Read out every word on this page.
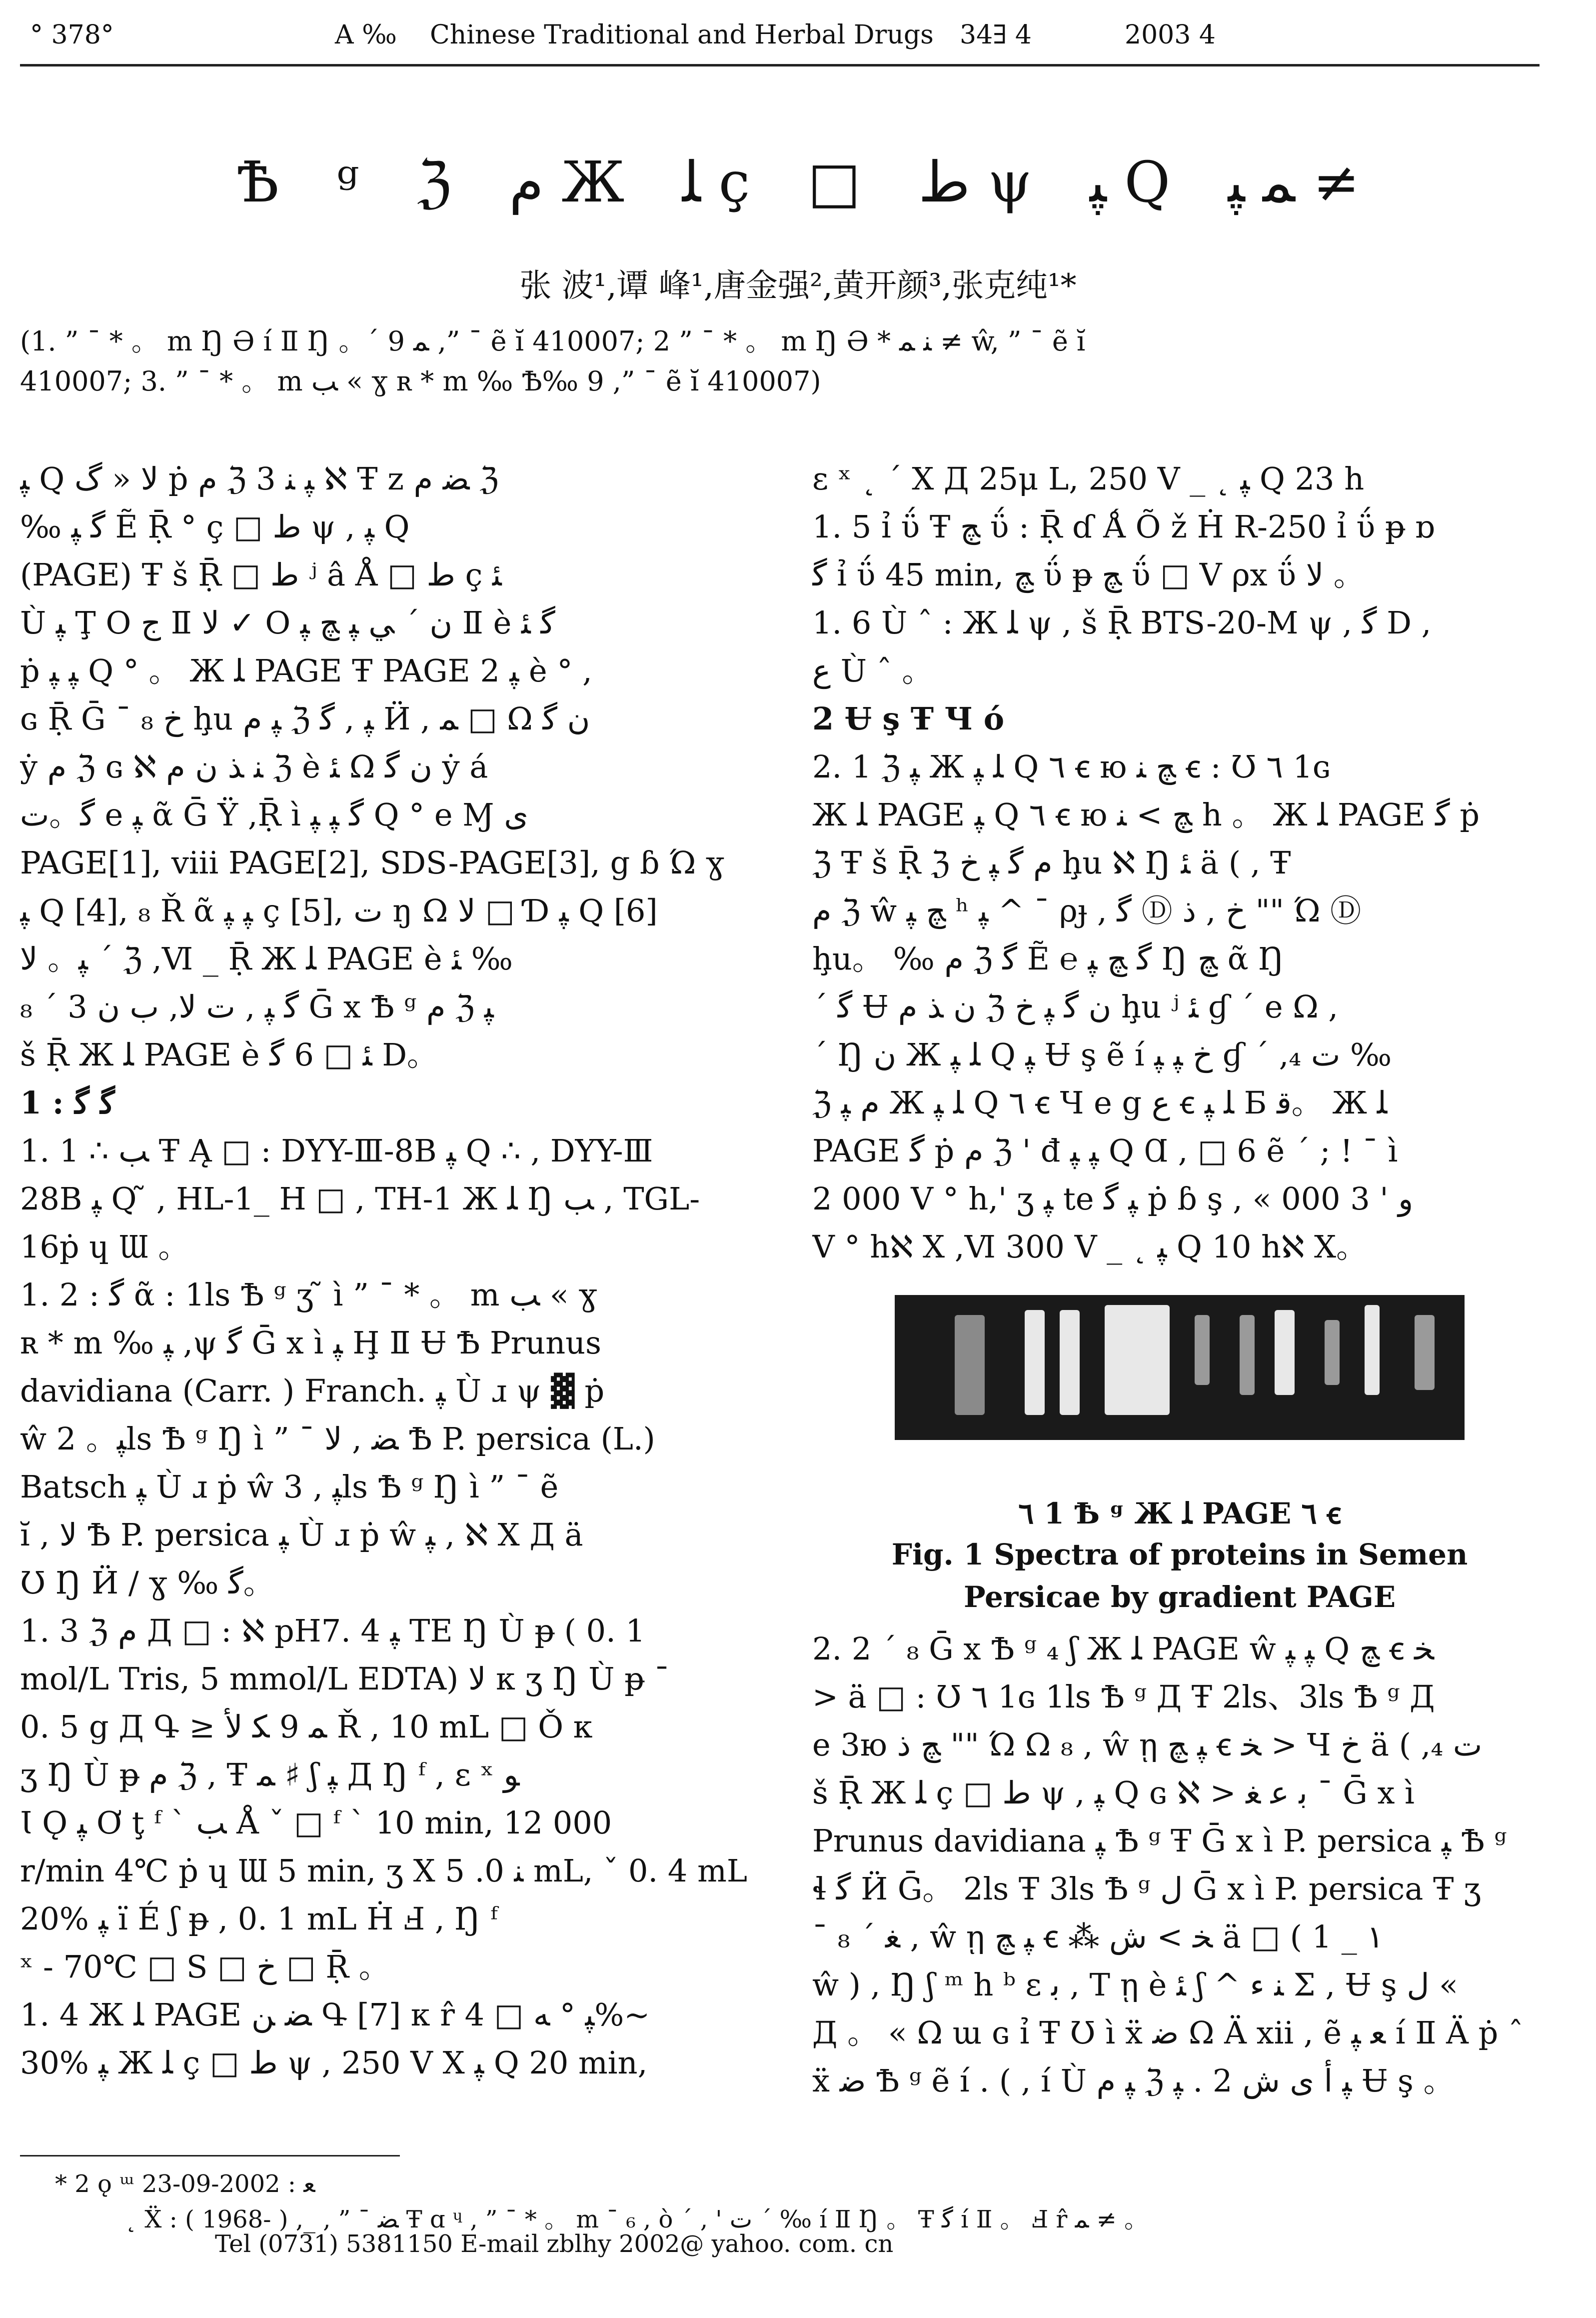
° 378°	A ‰ Chinese Traditional and Herbal Drugs 34∃ 4	2003 4
Ѣ ᵍ ℨ ﻡ Ж ﻠ ç □ ﻁ ψ ﭙ Q ﻤ ﭙ ≠
张 波¹,谭 峰¹,唐金强²,黄开颜³,张克纯¹*
(1. ” ¯ * 。 m Ŋ Ə í Ⅱ Ŋ 。´ ﻤ 9 ,” ¯ ẽ ĭ 410007; 2 ” ¯ * 。 m Ŋ Ə * ﻨ ﻤ ≠ ŵ, ” ¯ ẽ ĭ
410007; 3. ” ¯ * 。 m ﺐ « ɣ ʀ * m ‰ Ѣ‰ 9 ,” ¯ ẽ ĭ 410007)

ﭙ Q ﻻ « ﮒ ṗ ﻡ ℨ ﭙ ﻨ 3 ℵ Ŧ z ﻀ ﻡ ℨ

‰ ﮔ ﭙ Ẽ Ṝ ° ç □ ﻁ ψ , ﭙ Q

(PAGE) Ŧ š Ṝ □ ﻁ ʲ â Å □ ﻁ ç ﺌ

Ù ﭙ Ţ O ﺝ Ⅱ ﻻ ✓ O ﻥ ´ ﻲ ﭙ ﭻ ﭙ Ⅱ è ﮔ ﺌ

ṗ ﭙ ﭙ Q ° 。 Ж ﻠ PAGE Ŧ PAGE ﭙ 2 è ° ,

ɢ Ṝ Ḡ ¯ ₈ ﺥ ḩu ﭙ ﻡ ℨ ﭙ , ﮔ Ӥ , ﻤ □ Ω ﻥ ﮔ

ẏ ﻡ ℨ ɢ ℵ ﻨ ﺬ ﻥ ﻡ ℨ è ﺌ Ω ﻥ ﮔ ẏ á

ﮔ。ﺕ e ﭙ ᾶ Ḡ Ÿ ,Ṝ ì ﮔ ﭙ ﭙ Q ° e Ɱ ى

PAGE[1], viii PAGE[2], SDS-PAGE[3], g ɓ Ώ ɣ

ﭙ Q [4], ₈ Ř ᾶ ﭙ ﭙ ç [5], ﺕ ŋ Ω ﻻ □ Ɗ ﭙ Q [6]

ﭙ。 ﻻ ˊ ℨ ,Ⅵ _ Ṝ Ж ﻠ PAGE è ﺌ ‰

ﮔ ﭙ , ﺕ ﻻ, ﺏ ﻥ 3 ´ ₈ Ḡ x Ѣ ᵍ ﻡ ℨ ﭙ

š Ṝ Ж ﻠ PAGE è ﺌ □ 6 ﮔ D。

1 : ﮔ ﮔ

1. 1 ∴ ﺐ Ŧ Ą □ : DYY-Ⅲ-8B ﭙ Q ∴ , DYY-Ⅲ

28B ﭙ Q ̃ , HL-1_ H □ , TH-1 Ж ﻠ Ŋ ﺐ , TGL-

16ṗ ɥ Ɯ 。

1. 2 : ﮔ ᾶ : 1ls Ѣ ᵍ ʒ ̃ ì ” ¯ * 。 m ﺐ « ɣ

ʀ * m ‰ ﭙ ,ψ ﮔ Ḡ x ì ﭙ Ḩ Ⅱ Ʉ Ѣ Prunus

davidiana (Carr. ) Franch. ﭙ Ù ɹ ψ ▓ ṗ

ŵ ﭙ。 2ls Ѣ ᵍ Ŋ ì ” ¯ ﻀ , ﻻ Ѣ P. persica (L.)

Batsch ﭙ Ù ɹ ṗ ŵ ﭙ , 3ls Ѣ ᵍ Ŋ ì ” ¯ ẽ

ĭ , ﻻ Ѣ P. persica ﭙ Ù ɹ ṗ ŵ ﭙ , ℵ X Д ä

Ʊ Ŋ Ӥ / ɣ ‰ ﮔ。

1. 3 ℨ ﻡ Д □ : ℵ pH7. 4 ﭙ TE Ŋ Ù ᵽ ( 0. 1

mol/L Tris, 5 mmol/L EDTA) ﻻ κ ʒ Ŋ Ù ᵽ ¯

0. 5 g Д Գ ≥ ﻤ 9 ﻜ ﻷ Ř , 10 mL □ Ǒ κ

ʒ Ŋ Ù ᵽ ﻡ ℨ , Ŧ ﻤ ♯ ʃ ﭙ Д Ŋ ᶠ , ɛ ˣ ﻮ

Ɩ Ǫ ﭙ Ơ ţ ᶠ ` ﺐ Å ˇ □ ᶠ ` 10 min, 12 000

r/min 4℃ ṗ ɥ Ɯ 5 min, ʒ X ﻨ 0. 5 mL, ˇ 0. 4 mL

20% ﭙ ï É ʃ ᵽ , 0. 1 mL Ḣ Ⅎ , Ŋ ᶠ

ˣ - 70℃ □ S □ ﺥ □ Ṝ 。

1. 4 Ж ﻠ PAGE ﻀ ﻦ Գ [7] κ r̂ ﭙ ° ﻪ □ 4%~

30% ﭙ Ж ﻠ ç □ ﻁ ψ , 250 V X ﭙ Q 20 min,

ɛ ˣ ˛ ´ X Д 25μ L, 250 V _ ˛ ﭙ Q 23 h

1. 5 ỉ ΰ Ŧ ﭻ ΰ : Ṝ ɗ Ǻ Õ ž Ḣ R-250 ỉ ΰ ᵽ ɒ

ﮔ ỉ ΰ 45 min, ﭻ ΰ ᵽ ﭻ ΰ □ V ρx ΰ ﻻ 。

1. 6 Ù ˆ : Ж ﻠ ψ , š Ṝ BTS-20-M ψ , ﮔ D ,

ﻉ Ù ˆ 。

2 Ʉ ş Ŧ Ɥ ó

2. 1 ℨ ﭙ Ж ﻠ ﭙ Q ٦ ꞓ ю ﭻ ﻨ ꞓ : Ʊ ٦ 1ɢ

Ж ﻠ PAGE ﭙ Q ٦ ꞓ ю ﭻ > ﻨ h 。 Ж ﻠ PAGE ﮔ ṗ

ℨ Ŧ š Ṝ ℨ ﻡ ﮔ ﭙ ﺥ ḩu ℵ Ŋ ﺌ ä ( , Ŧ

ﻡ ℨ ŵ ﭻ ﭙ ʰ ﭙ ^ ˉ ρɟ , ﮔ Ⓓ ﺥ , ﺫ "" Ώ Ⓓ

ḩu。 ‰ ﻡ ℨ ﮔ Ẽ ℮ ﮔ ﭻ ﭙ Ŋ ﭻ ᾶ Ŋ

ˊ ﮔ Ʉ ﻥ ﺬ ﻡ ℨ ﻥ ﮔ ﭙ ﺥ ḩu ʲ ﺌ ɠ ˊ e Ω ,

´ Ŋ ﻥ Ж ﻠ ﭙ Q ﭙ Ʉ ş ẽ í ﺥ ﭙ ﭙ ɠ ˊ ,₄ ﺕ ‰

ℨ ﻡ ﭙ Ж ﻠ ﭙ Q ٦ ꞓ Ɥ e g ﻉ ꞓ ﻠ ﭙ Б ﻗ。 Ж ﻠ

PAGE ﮔ ṗ ﻡ ℨ ' đ ﭙ ﭙ Q Ɑ , □ 6 ẽ ˊ ; ! ˉ ì

2 000 V ° h,' ʒ ﭙ te ﭙ ﮔ ṗ ɓ ş , « ﻭ ' 3 000

V ° hℵ X ,Ⅵ 300 V _ ˛ ﭙ Q 10 hℵ X。

٦ 1 Ѣ ᵍ Ж ﻠ PAGE ٦ ꞓ
Fig. 1 Spectra of proteins in Semen
Persicae by gradient PAGE

2. 2 ´ ₈ Ḡ x Ѣ ᵍ ₄ ʃ Ж ﻠ PAGE ŵ ﭙ ﭙ Q ﭻ ꞓ ﺨ

> ä □ : Ʊ ٦ 1ɢ 1ls Ѣ ᵍ Д Ŧ 2ls、3ls Ѣ ᵍ Д

e 3ю ﭻ ﺫ "" Ώ Ω ₈ , ŵ ῃ ﭙ ﭻ ꞓ ﺨ > Ɥ ﺥ ä ( ,₄ ﺕ

š Ṝ Ж ﻠ ç □ ﻁ ψ , ﭙ Q ɢ ℵ > ﺑ ﻋ ﻐ ¯ Ḡ x ì

Prunus davidiana ﭙ Ѣ ᵍ Ŧ Ḡ x ì P. persica ﭙ Ѣ ᵍ

ɬ ﮔ Ӥ Ḡ。 2ls Ŧ 3ls Ѣ ᵍ ﻝ Ḡ x ì P. persica Ŧ ʒ

ˉ ﻐ ˊ ₈ , ŵ ῃ ﭙ ﭻ ꞓ ⁂ ﺨ > ﺵ ä □ ( 1 _ ١

ŵ ) , Ŋ ʃ ᵐ h ᵇ ɛ ﺑ , T ῃ è ﺌ ʃ ^ ﻨ ﺀ Σ , Ʉ ş ﻝ «

Д 。 « Ω ɯ ɢ ỉ Ŧ Ʊ ì ẍ ﺿ Ω Ä xii , ẽ ﻌ ﭙ í Ⅱ Ä ṗ ˆ

ẍ ﺿ Ѣ ᵍ ẽ í . ( , í Ù ﭙ ﻡ ℨ ﭙ ﺃ ﻯ ﺵ 2 . ﭙ Ʉ ş 。

* 2 ǫ ᵚ ﻌ : 2002-09-23
˛ Ẍ : ( 1968- ) ,_ , ” ¯ ﻀ Ŧ ɑ ᶣ , ” ¯ * 。 m ˉ ₆ , ò ˊ , ' ﺕ ˊ ‰ í Ⅱ Ŋ 。 Ŧ ﮔ í Ⅱ 。 Ⅎ r̂ ﻤ ≠ 。
Tel (0731) 5381150 E-mail zblhy 2002@ yahoo. com. cn
